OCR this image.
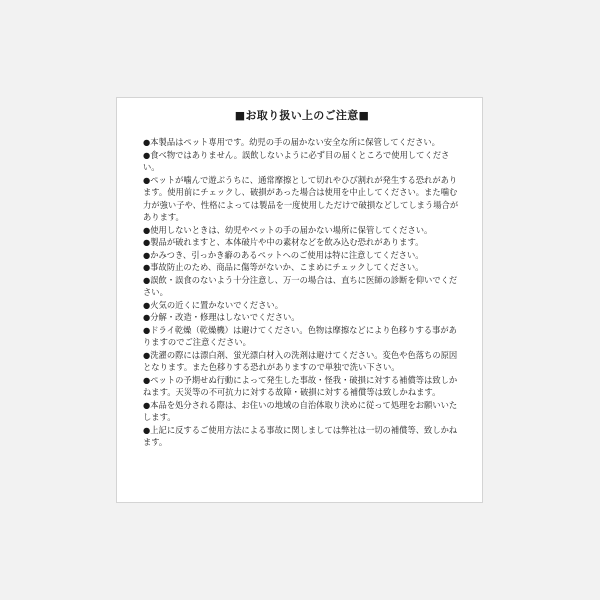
■お取り扱い上のご注意■
●本製品はペット専用です。幼児の手の届かない安全な所に保管してください。
●食べ物ではありません。誤飲しないように必ず目の届くところで使用してください。
●ペットが噛んで遊ぶうちに、通常摩擦として切れやひび割れが発生する恐れがあります。使用前にチェックし、破損があった場合は使用を中止してください。また噛む力が強い子や、性格によっては製品を一度使用しただけで破損などしてしまう場合があります。
●使用しないときは、幼児やペットの手の届かない場所に保管してください。
●製品が破れますと、本体破片や中の素材などを飲み込む恐れがあります。
●かみつき、引っかき癖のあるペットへのご使用は特に注意してください。
●事故防止のため、商品に傷等がないか、こまめにチェックしてください。
●誤飲・誤食のないよう十分注意し、万一の場合は、直ちに医師の診断を仰いでください。
●火気の近くに置かないでください。
●分解・改造・修理はしないでください。
●ドライ乾燥（乾燥機）は避けてください。色物は摩擦などにより色移りする事がありますのでご注意ください。
●洗濯の際には漂白剤、蛍光漂白材入の洗剤は避けてください。変色や色落ちの原因となります。また色移りする恐れがありますので単独で洗い下さい。
●ペットの予期せぬ行動によって発生した事故・怪我・破損に対する補償等は致しかねます。天災等の不可抗力に対する故障・破損に対する補償等は致しかねます。
●本品を処分される際は、お住いの地域の自治体取り決めに従って処理をお願いいたします。
●上記に反するご使用方法による事故に関しましては弊社は一切の補償等、致しかねます。
